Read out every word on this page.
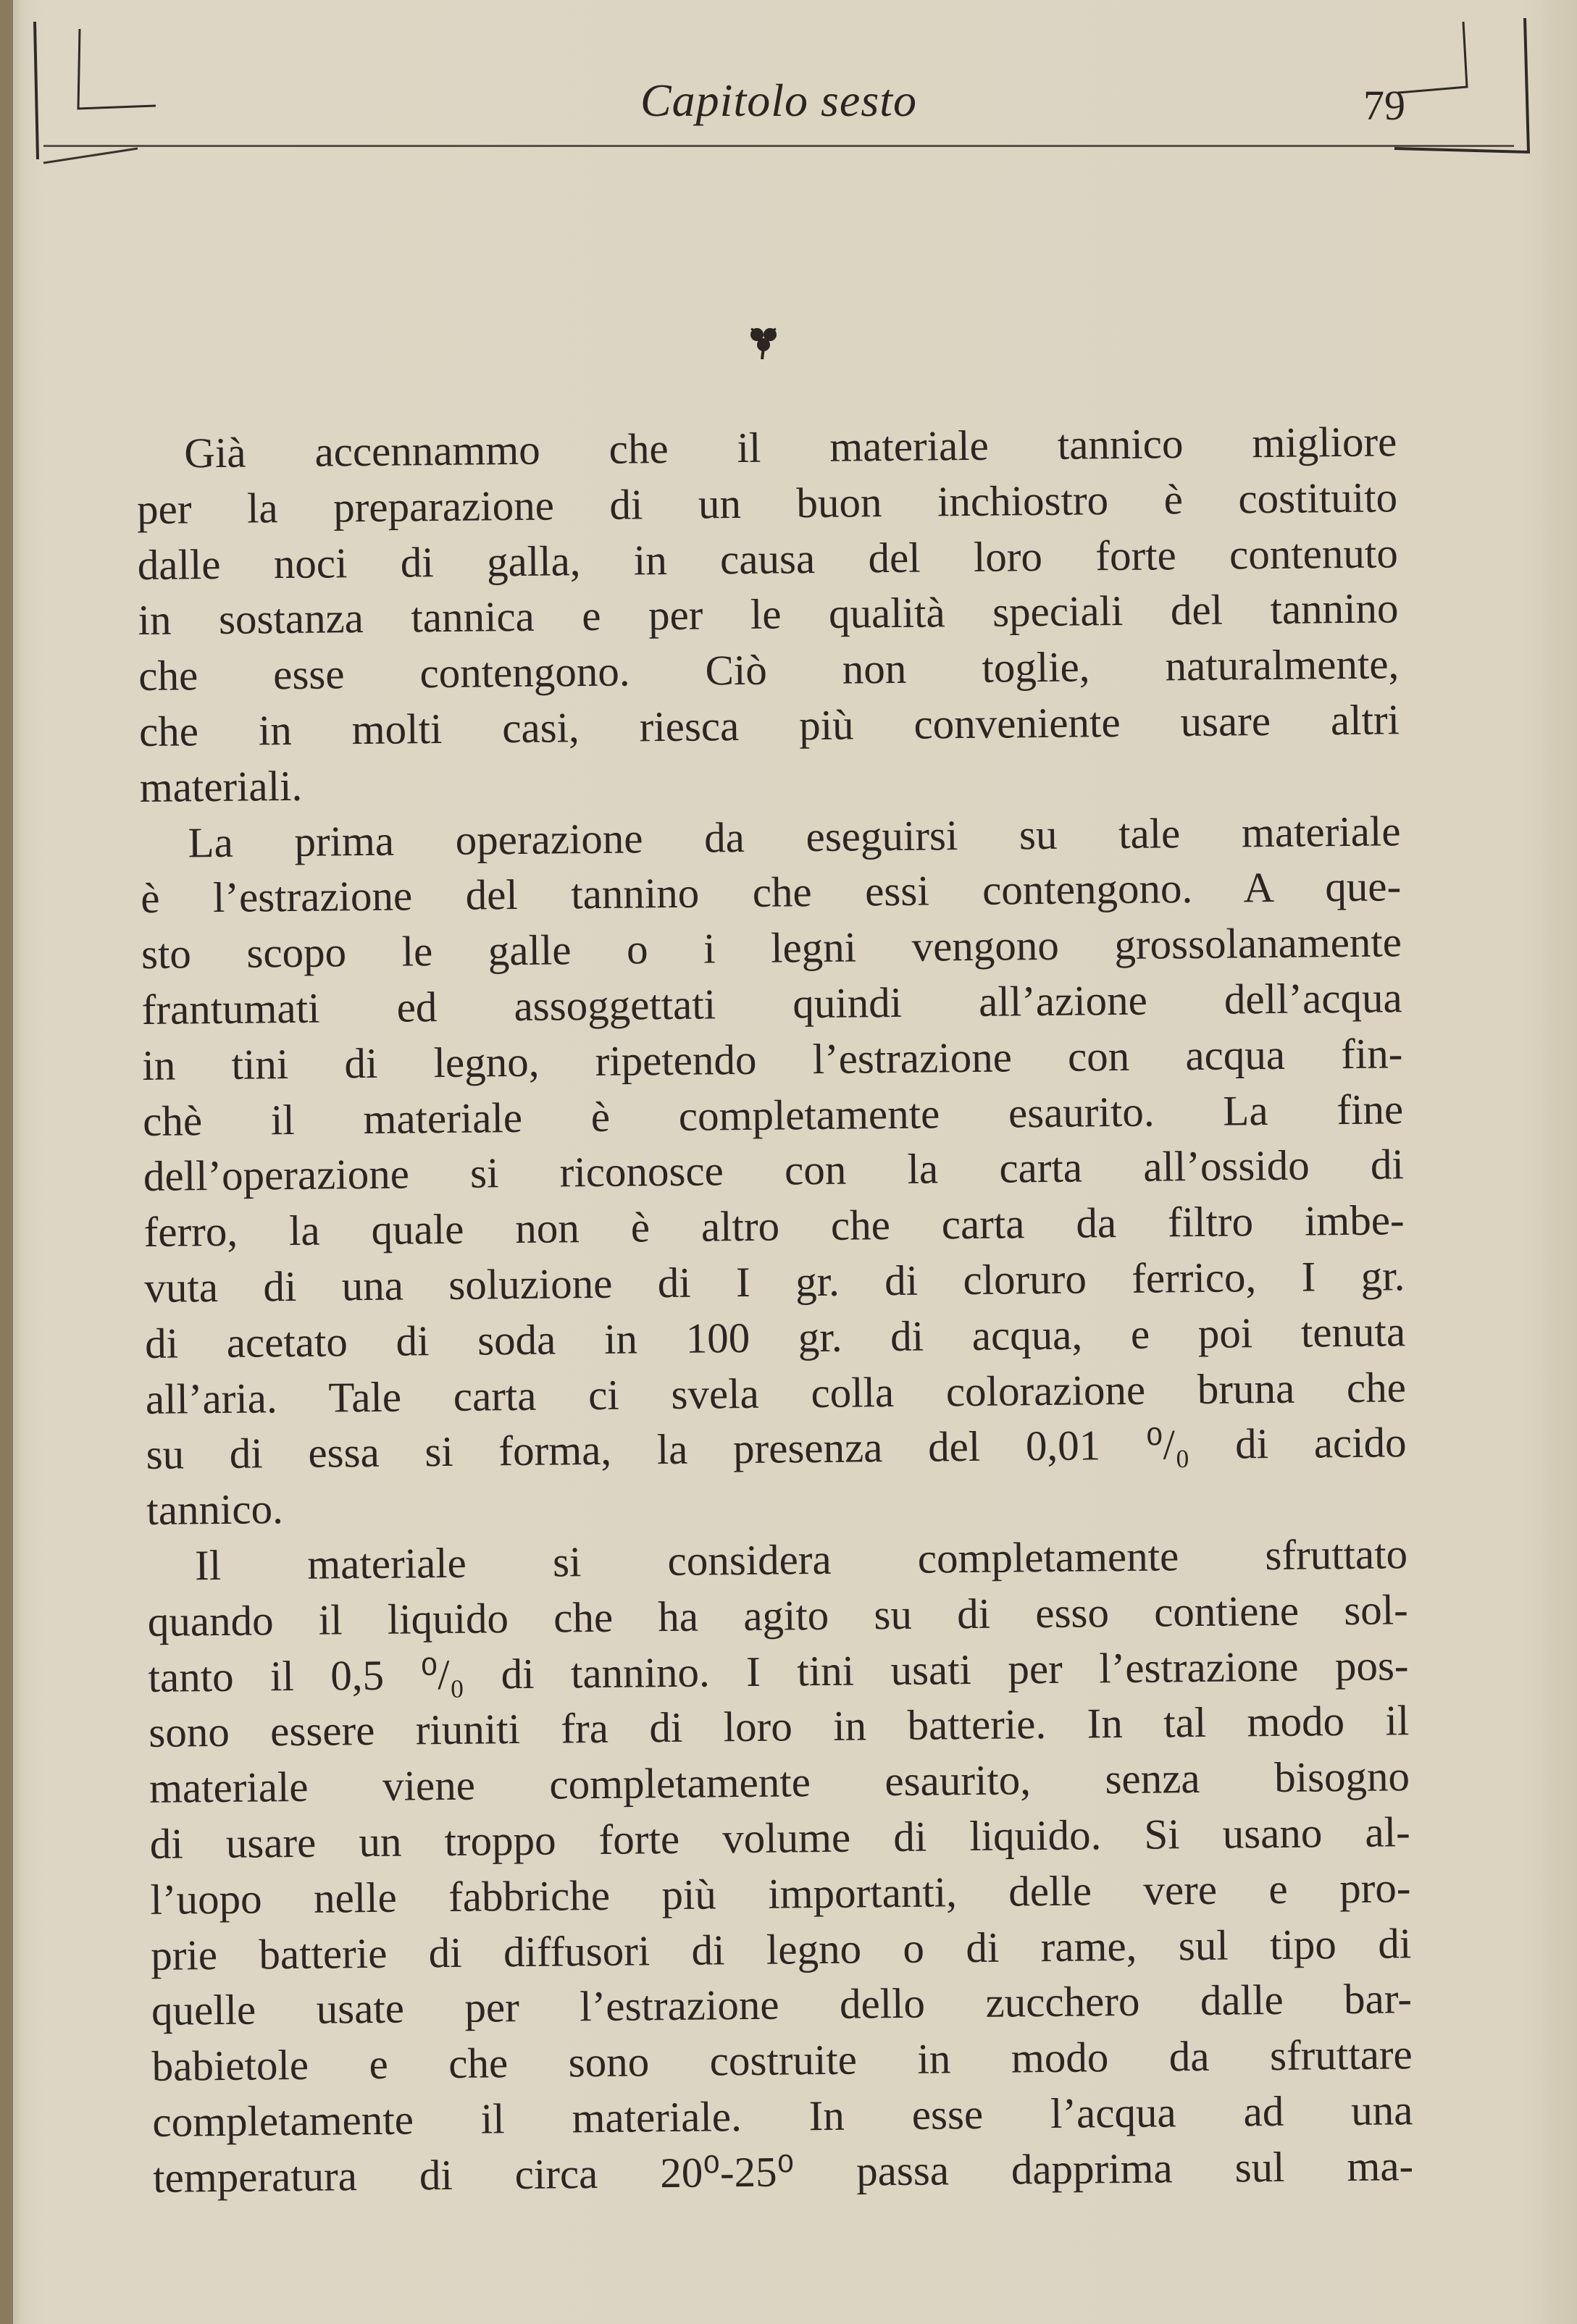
Capitolo sesto	79
Già accennammo che il materiale tannico migliore
per la preparazione di un buon inchiostro è costituito
dalle noci di galla, in causa del loro forte contenuto
in sostanza tannica e per le qualità speciali del tannino
che esse contengono. Ciò non toglie, naturalmente,
che in molti casi, riesca più conveniente usare altri
materiali.
La prima operazione da eseguirsi su tale materiale
è l’estrazione del tannino che essi contengono. A que-
sto scopo le galle o i legni vengono grossolanamente
frantumati ed assoggettati quindi all’azione dell’acqua
in tini di legno, ripetendo l’estrazione con acqua fin-
chè il materiale è completamente esaurito. La fine
dell’operazione si riconosce con la carta all’ossido di
ferro, la quale non è altro che carta da filtro imbe-
vuta di una soluzione di I gr. di cloruro ferrico, I gr.
di acetato di soda in 100 gr. di acqua, e poi tenuta
all’aria. Tale carta ci svela colla colorazione bruna che
su di essa si forma, la presenza del 0,01 ⁰/₀ di acido
tannico.
Il materiale si considera completamente sfruttato
quando il liquido che ha agito su di esso contiene sol-
tanto il 0,5 ⁰/₀ di tannino. I tini usati per l’estrazione pos-
sono essere riuniti fra di loro in batterie. In tal modo il
materiale viene completamente esaurito, senza bisogno
di usare un troppo forte volume di liquido. Si usano al-
l’uopo nelle fabbriche più importanti, delle vere e pro-
prie batterie di diffusori di legno o di rame, sul tipo di
quelle usate per l’estrazione dello zucchero dalle bar-
babietole e che sono costruite in modo da sfruttare
completamente il materiale. In esse l’acqua ad una
temperatura di circa 20⁰-25⁰ passa dapprima sul ma-
